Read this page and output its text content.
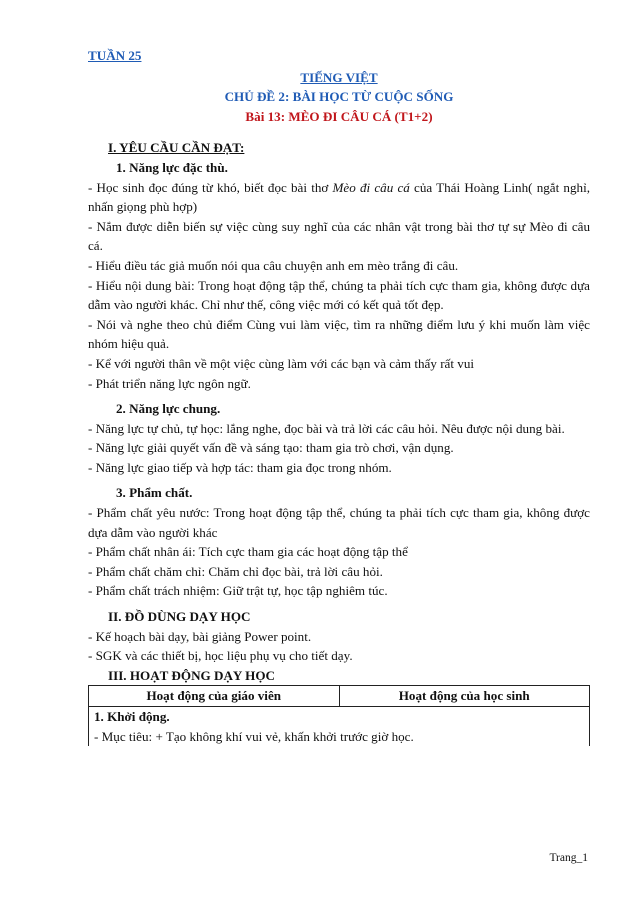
TUẦN 25
TIẾNG VIỆT
CHỦ ĐỀ 2: BÀI HỌC TỪ CUỘC SỐNG
Bài 13: MÈO ĐI CÂU CÁ (T1+2)
I. YÊU CẦU CẦN ĐẠT:
1. Năng lực đặc thù.
- Học sinh đọc đúng từ khó, biết đọc bài thơ Mèo đi câu cá của Thái Hoàng Linh( ngắt nghỉ, nhấn giọng phù hợp)
- Nắm được diễn biến sự việc cùng suy nghĩ của các nhân vật trong bài thơ tự sự Mèo đi câu cá.
- Hiểu điều tác giả muốn nói qua câu chuyện anh em mèo trắng đi câu.
- Hiểu nội dung bài: Trong hoạt động tập thể, chúng ta phải tích cực tham gia, không được dựa dẫm vào người khác. Chỉ như thế, công việc mới có kết quả tốt đẹp.
- Nói và nghe theo chủ điểm Cùng vui làm việc, tìm ra những điểm lưu ý khi muốn làm việc nhóm hiệu quả.
- Kể với người thân về một việc cùng làm với các bạn và cảm thấy rất vui
- Phát triển năng lực ngôn ngữ.
2. Năng lực chung.
- Năng lực tự chủ, tự học: lắng nghe, đọc bài và trả lời các câu hỏi. Nêu được nội dung bài.
- Năng lực giải quyết vấn đề và sáng tạo: tham gia trò chơi, vận dụng.
- Năng lực giao tiếp và hợp tác: tham gia đọc trong nhóm.
3. Phẩm chất.
- Phẩm chất yêu nước: Trong hoạt động tập thể, chúng ta phải tích cực tham gia, không được dựa dẫm vào người khác
- Phẩm chất nhân ái: Tích cực tham gia các hoạt động tập thể
- Phẩm chất chăm chỉ: Chăm chỉ đọc bài, trả lời câu hỏi.
- Phẩm chất trách nhiệm: Giữ trật tự, học tập nghiêm túc.
II. ĐỒ DÙNG DẠY HỌC
- Kế hoạch bài dạy, bài giảng Power point.
- SGK và các thiết bị, học liệu phụ vụ cho tiết dạy.
III. HOẠT ĐỘNG DẠY HỌC
Hoạt động của giáo viên	Hoạt động của học sinh

1. Khởi động.
- Mục tiêu: + Tạo không khí vui vẻ, khấn khởi trước giờ học.
Trang_1
